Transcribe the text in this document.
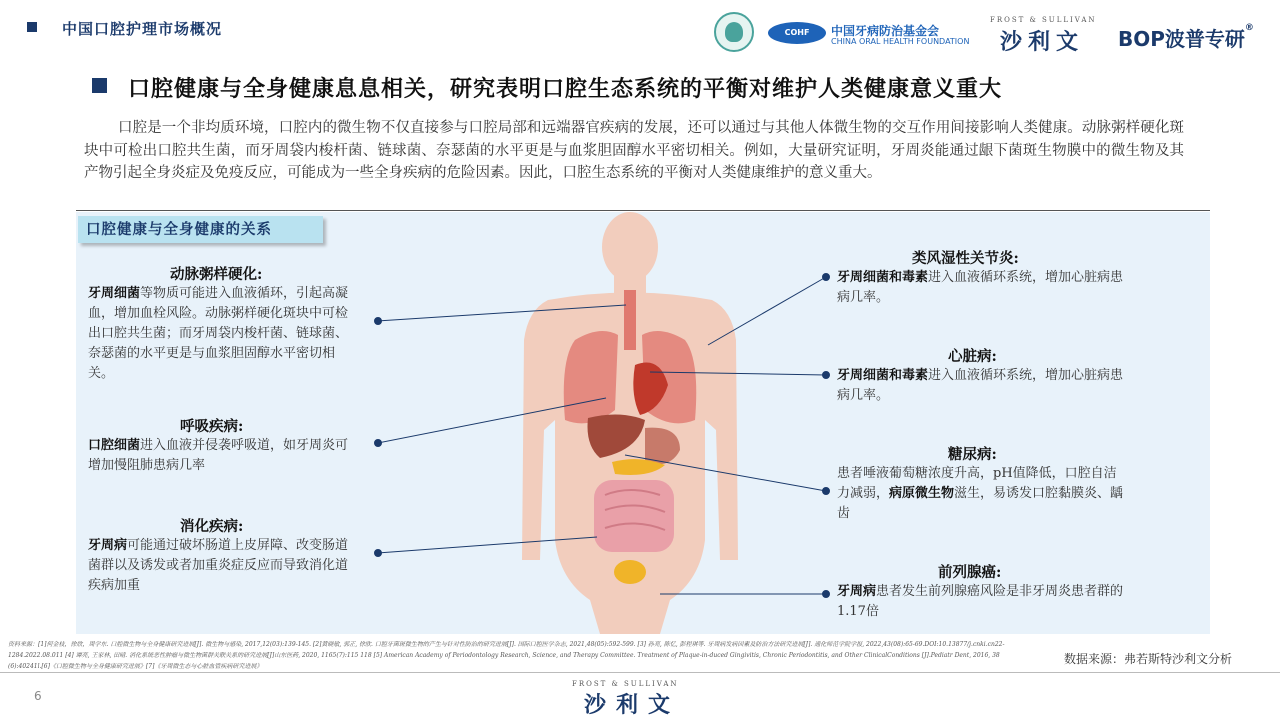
中国口腔护理市场概况	COHF	中国牙病防治基金会
CHINA ORAL HEALTH FOUNDATION
FROST & SULLIVAN
沙利文 BOP波普专研®
口腔健康与全身健康息息相关，研究表明口腔生态系统的平衡对维护人类健康意义重大
口腔是一个非均质环境，口腔内的微生物不仅直接参与口腔局部和远端器官疾病的发展，还可以通过与其他人体微生物的交互作用间接影响人类健康。动脉粥样硬化斑块中可检出口腔共生菌，而牙周袋内梭杆菌、链球菌、奈瑟菌的水平更是与血浆胆固醇水平密切相关。例如，大量研究证明，牙周炎能通过龈下菌斑生物膜中的微生物及其产物引起全身炎症及免疫反应，可能成为一些全身疾病的危险因素。因此，口腔生态系统的平衡对人类健康维护的意义重大。
口腔健康与全身健康的关系
动脉粥样硬化:
牙周细菌等物质可能进入血液循环，引起高凝血，增加血栓风险。动脉粥样硬化斑块中可检出口腔共生菌；而牙周袋内梭杆菌、链球菌、奈瑟菌的水平更是与血浆胆固醇水平密切相关。
呼吸疾病:
口腔细菌进入血液并侵袭呼吸道，如牙周炎可增加慢阻肺患病几率
消化疾病:
牙周病可能通过破坏肠道上皮屏障、改变肠道菌群以及诱发或者加重炎症反应而导致消化道疾病加重
类风湿性关节炎:
牙周细菌和毒素进入血液循环系统，增加心脏病患病几率。
心脏病:
牙周细菌和毒素进入血液循环系统，增加心脏病患病几率。
糖尿病:
患者唾液葡萄糖浓度升高，pH值降低，口腔自洁力减弱，病原微生物滋生，易诱发口腔黏膜炎、龋齿
前列腺癌:
牙周病患者发生前列腺癌风险是非牙周炎患者群的1.17倍
资料来源：[1]何金枝，徐欣，周学东. 口腔微生物与全身健康研究进展[J]. 微生物与感染, 2017,12(03):139-145. [2]黄晓敏, 郭正, 徐欣. 口腔牙菌斑微生物的产生与针对性防治的研究进展[J]. 国际口腔医学杂志, 2021,48(05):592-599. [3] 孙亮, 陈忆, 彭程琪等. 牙周病发病因素及防治方法研究进展[J]. 通化师范学院学报, 2022,43(08):65-69.DOI:10.13877/j.cnki.cn22-1284.2022.08.011 [4] 谭亮, 王家林, 田晴. 消化系统恶性肿瘤与微生物菌群关联关系的研究进展[J]山东医药, 2020, 1165(7):115 118 [5] American Academy of Periodontology Research, Science, and Therapy Committee. Treatment of Plaque-in-duced Gingivitis, Chronic Periodontitis, and Other ClinicalConditions [J].Pediatr Dent, 2016, 38 (6):40241l.[6]《口腔微生物与全身健康研究进展》[7]《牙周微生态与心脏血管疾病研究进展》
数据来源：弗若斯特沙利文分析
6
FROST & SULLIVAN
沙利文
